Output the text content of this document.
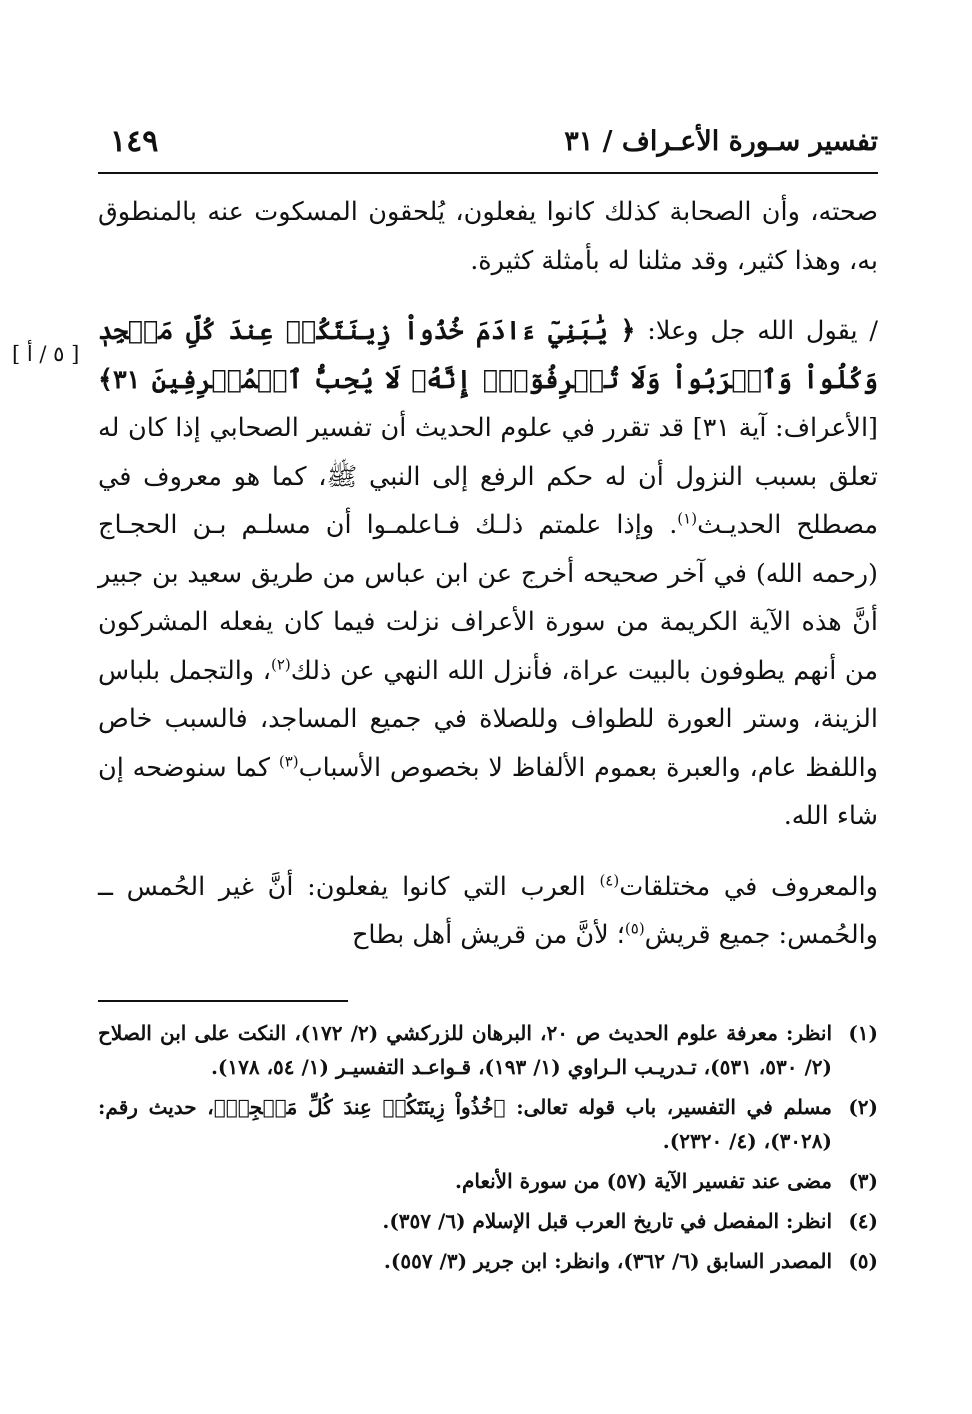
تفسير سـورة الأعـراف / ٣١
١٤٩
[ ٥ / أ ]

صحته، وأن الصحابة كذلك كانوا يفعلون، يُلحقون المسكوت عنه بالمنطوق به، وهذا كثير، وقد مثلنا له بأمثلة كثيرة.

/ يقول الله جل وعلا: ﴿ يَٰبَنِيٓ ءَادَمَ خُذُواْ زِينَتَكُمۡ عِندَ كُلِّ مَسۡجِدٖ وَكُلُواْ وَٱشۡرَبُواْ وَلَا تُسۡرِفُوٓاْۚ إِنَّهُۥ لَا يُحِبُّ ٱلۡمُسۡرِفِينَ ٣١﴾ [الأعراف: آية ٣١] قد تقرر في علوم الحديث أن تفسير الصحابي إذا كان له تعلق بسبب النزول أن له حكم الرفع إلى النبي ﷺ، كما هو معروف في مصطلح الحديـث$^{(١)}$. وإذا علمتم ذلـك فـاعلمـوا أن مسلـم بـن الحجـاج (رحمه الله) في آخر صحيحه أخرج عن ابن عباس من طريق سعيد بن جبير أنَّ هذه الآية الكريمة من سورة الأعراف نزلت فيما كان يفعله المشركون من أنهم يطوفون بالبيت عراة، فأنزل الله النهي عن ذلك$^{(٢)}$، والتجمل بلباس الزينة، وستر العورة للطواف وللصلاة في جميع المساجد، فالسبب خاص واللفظ عام، والعبرة بعموم الألفاظ لا بخصوص الأسباب$^{(٣)}$ كما سنوضحه إن شاء الله.

والمعروف في مختلقات$^{(٤)}$ العرب التي كانوا يفعلون: أنَّ غير الحُمس ــ والحُمس: جميع قريش$^{(٥)}$؛ لأنَّ من قريش أهل بطاح

(١)
انظر: معرفة علوم الحديث ص ٢٠، البرهان للزركشي (٢/ ١٧٢)، النكت على ابن الصلاح (٢/ ٥٣٠، ٥٣١)، تـدريـب الـراوي (١/ ١٩٣)، قـواعـد التفسيـر (١/ ٥٤، ١٧٨).
(٢)
مسلم في التفسير، باب قوله تعالى: ﴿خُذُواْ زِينَتَكُمۡ عِندَ كُلِّ مَسۡجِدٖ﴾، حديث رقم: (٣٠٢٨)، (٤/ ٢٣٢٠).
(٣)
مضى عند تفسير الآية (٥٧) من سورة الأنعام.
(٤)
انظر: المفصل في تاريخ العرب قبل الإسلام (٦/ ٣٥٧).
(٥)
المصدر السابق (٦/ ٣٦٢)، وانظر: ابن جرير (٣/ ٥٥٧).
